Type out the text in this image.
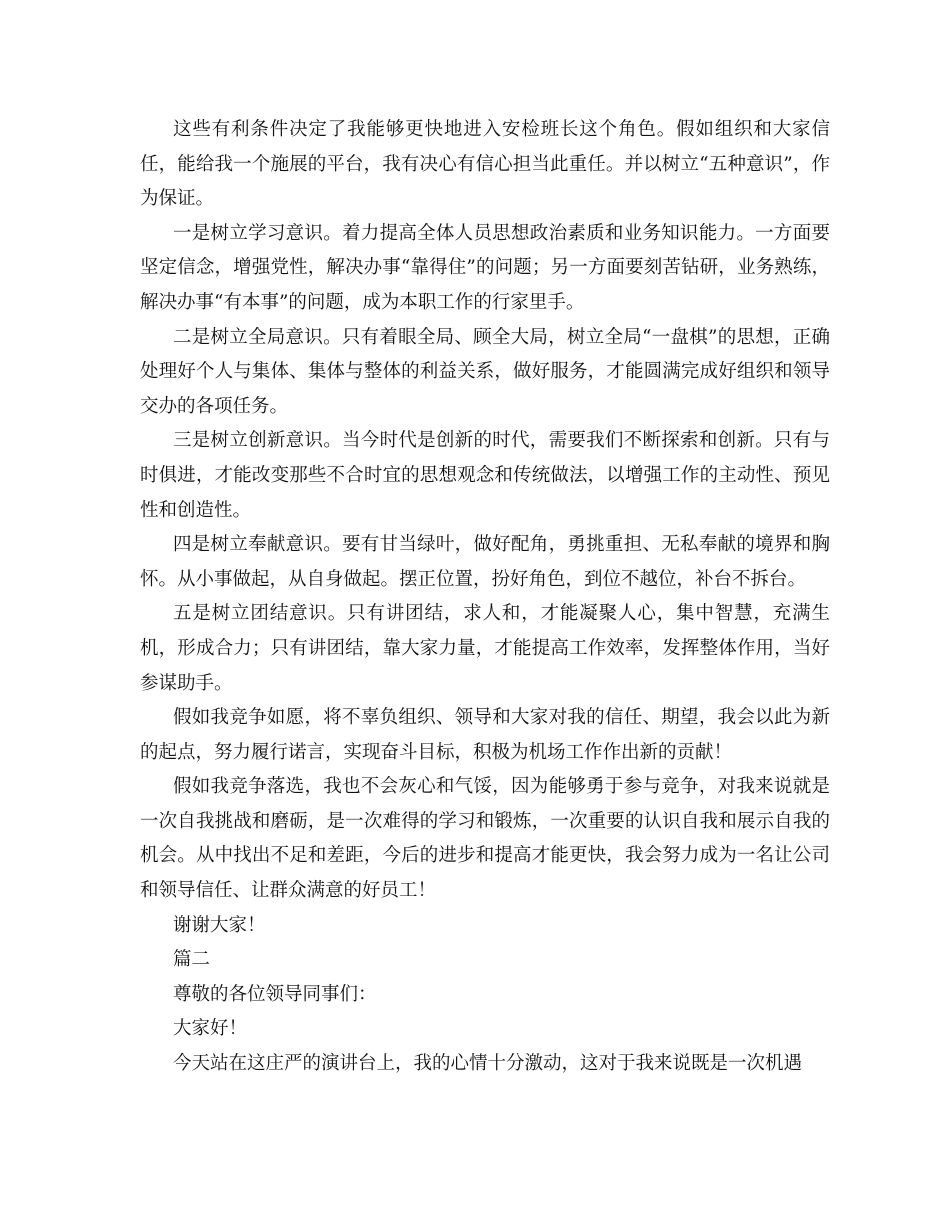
这些有利条件决定了我能够更快地进入安检班长这个角色。假如组织和大家信任，能给我一个施展的平台，我有决心有信心担当此重任。并以树立“五种意识”，作为保证。

一是树立学习意识。着力提高全体人员思想政治素质和业务知识能力。一方面要坚定信念，增强党性，解决办事“靠得住”的问题；另一方面要刻苦钻研，业务熟练，解决办事“有本事”的问题，成为本职工作的行家里手。

二是树立全局意识。只有着眼全局、顾全大局，树立全局“一盘棋”的思想，正确处理好个人与集体、集体与整体的利益关系，做好服务，才能圆满完成好组织和领导交办的各项任务。

三是树立创新意识。当今时代是创新的时代，需要我们不断探索和创新。只有与时俱进，才能改变那些不合时宜的思想观念和传统做法，以增强工作的主动性、预见性和创造性。

四是树立奉献意识。要有甘当绿叶，做好配角，勇挑重担、无私奉献的境界和胸怀。从小事做起，从自身做起。摆正位置，扮好角色，到位不越位，补台不拆台。

五是树立团结意识。只有讲团结，求人和，才能凝聚人心，集中智慧，充满生机，形成合力；只有讲团结，靠大家力量，才能提高工作效率，发挥整体作用，当好参谋助手。

假如我竞争如愿，将不辜负组织、领导和大家对我的信任、期望，我会以此为新的起点，努力履行诺言，实现奋斗目标，积极为机场工作作出新的贡献！

假如我竞争落选，我也不会灰心和气馁，因为能够勇于参与竞争，对我来说就是一次自我挑战和磨砺，是一次难得的学习和锻炼，一次重要的认识自我和展示自我的机会。从中找出不足和差距，今后的进步和提高才能更快，我会努力成为一名让公司和领导信任、让群众满意的好员工！

谢谢大家！

篇二

尊敬的各位领导同事们：

大家好！

今天站在这庄严的演讲台上，我的心情十分激动，这对于我来说既是一次机遇
